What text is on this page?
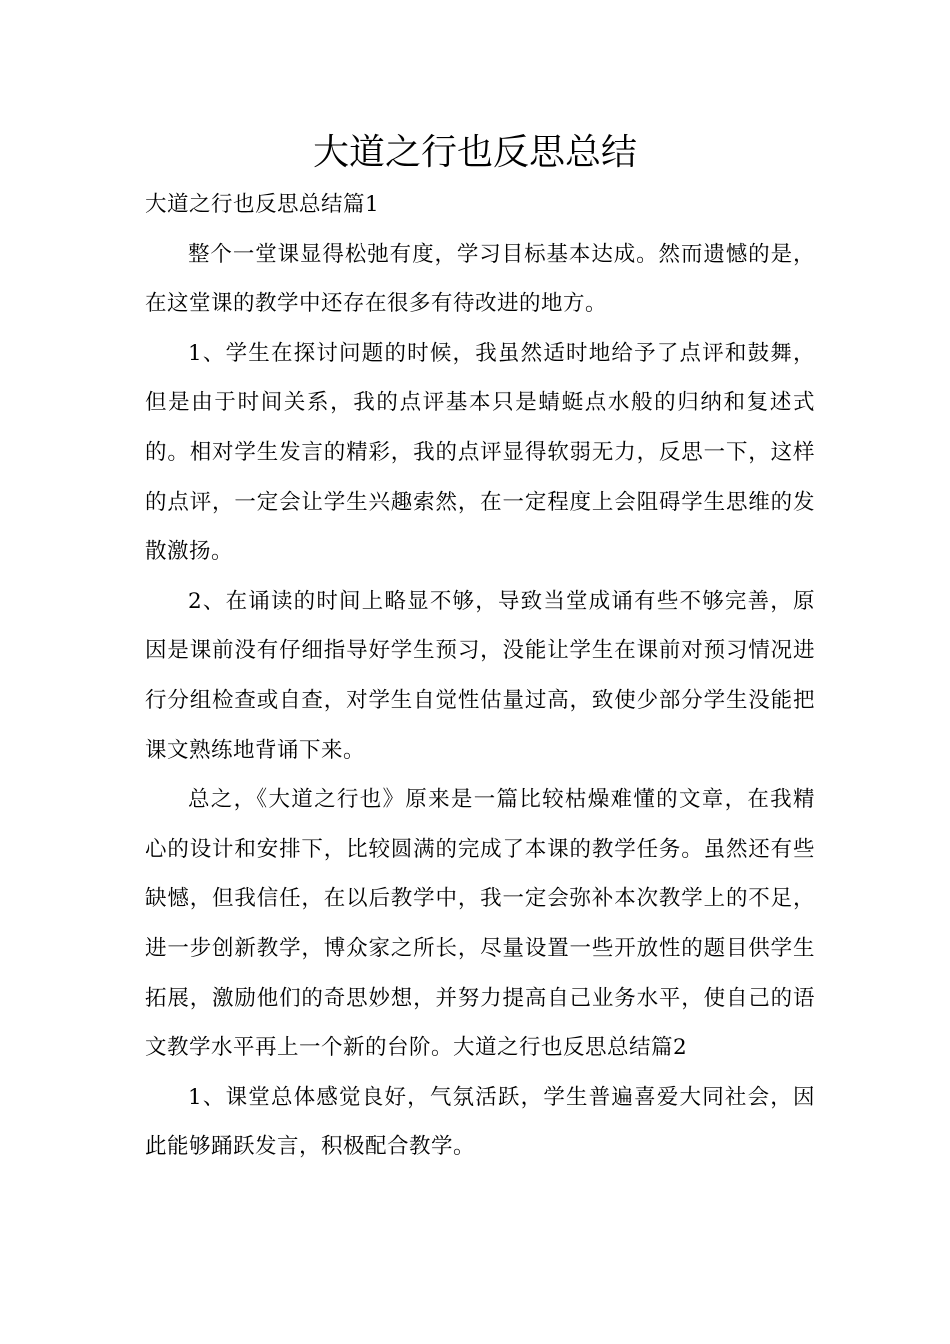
大道之行也反思总结

大道之行也反思总结篇1

整个一堂课显得松弛有度，学习目标基本达成。然而遗憾的是，在这堂课的教学中还存在很多有待改进的地方。

1、学生在探讨问题的时候，我虽然适时地给予了点评和鼓舞，但是由于时间关系，我的点评基本只是蜻蜓点水般的归纳和复述式的。相对学生发言的精彩，我的点评显得软弱无力，反思一下，这样的点评，一定会让学生兴趣索然，在一定程度上会阻碍学生思维的发散激扬。

2、在诵读的时间上略显不够，导致当堂成诵有些不够完善，原因是课前没有仔细指导好学生预习，没能让学生在课前对预习情况进行分组检查或自查，对学生自觉性估量过高，致使少部分学生没能把课文熟练地背诵下来。

总之，《大道之行也》原来是一篇比较枯燥难懂的文章，在我精心的设计和安排下，比较圆满的完成了本课的教学任务。虽然还有些缺憾，但我信任，在以后教学中，我一定会弥补本次教学上的不足，进一步创新教学，博众家之所长，尽量设置一些开放性的题目供学生拓展，激励他们的奇思妙想，并努力提高自己业务水平，使自己的语文教学水平再上一个新的台阶。大道之行也反思总结篇2

1、课堂总体感觉良好，气氛活跃，学生普遍喜爱大同社会，因此能够踊跃发言，积极配合教学。
